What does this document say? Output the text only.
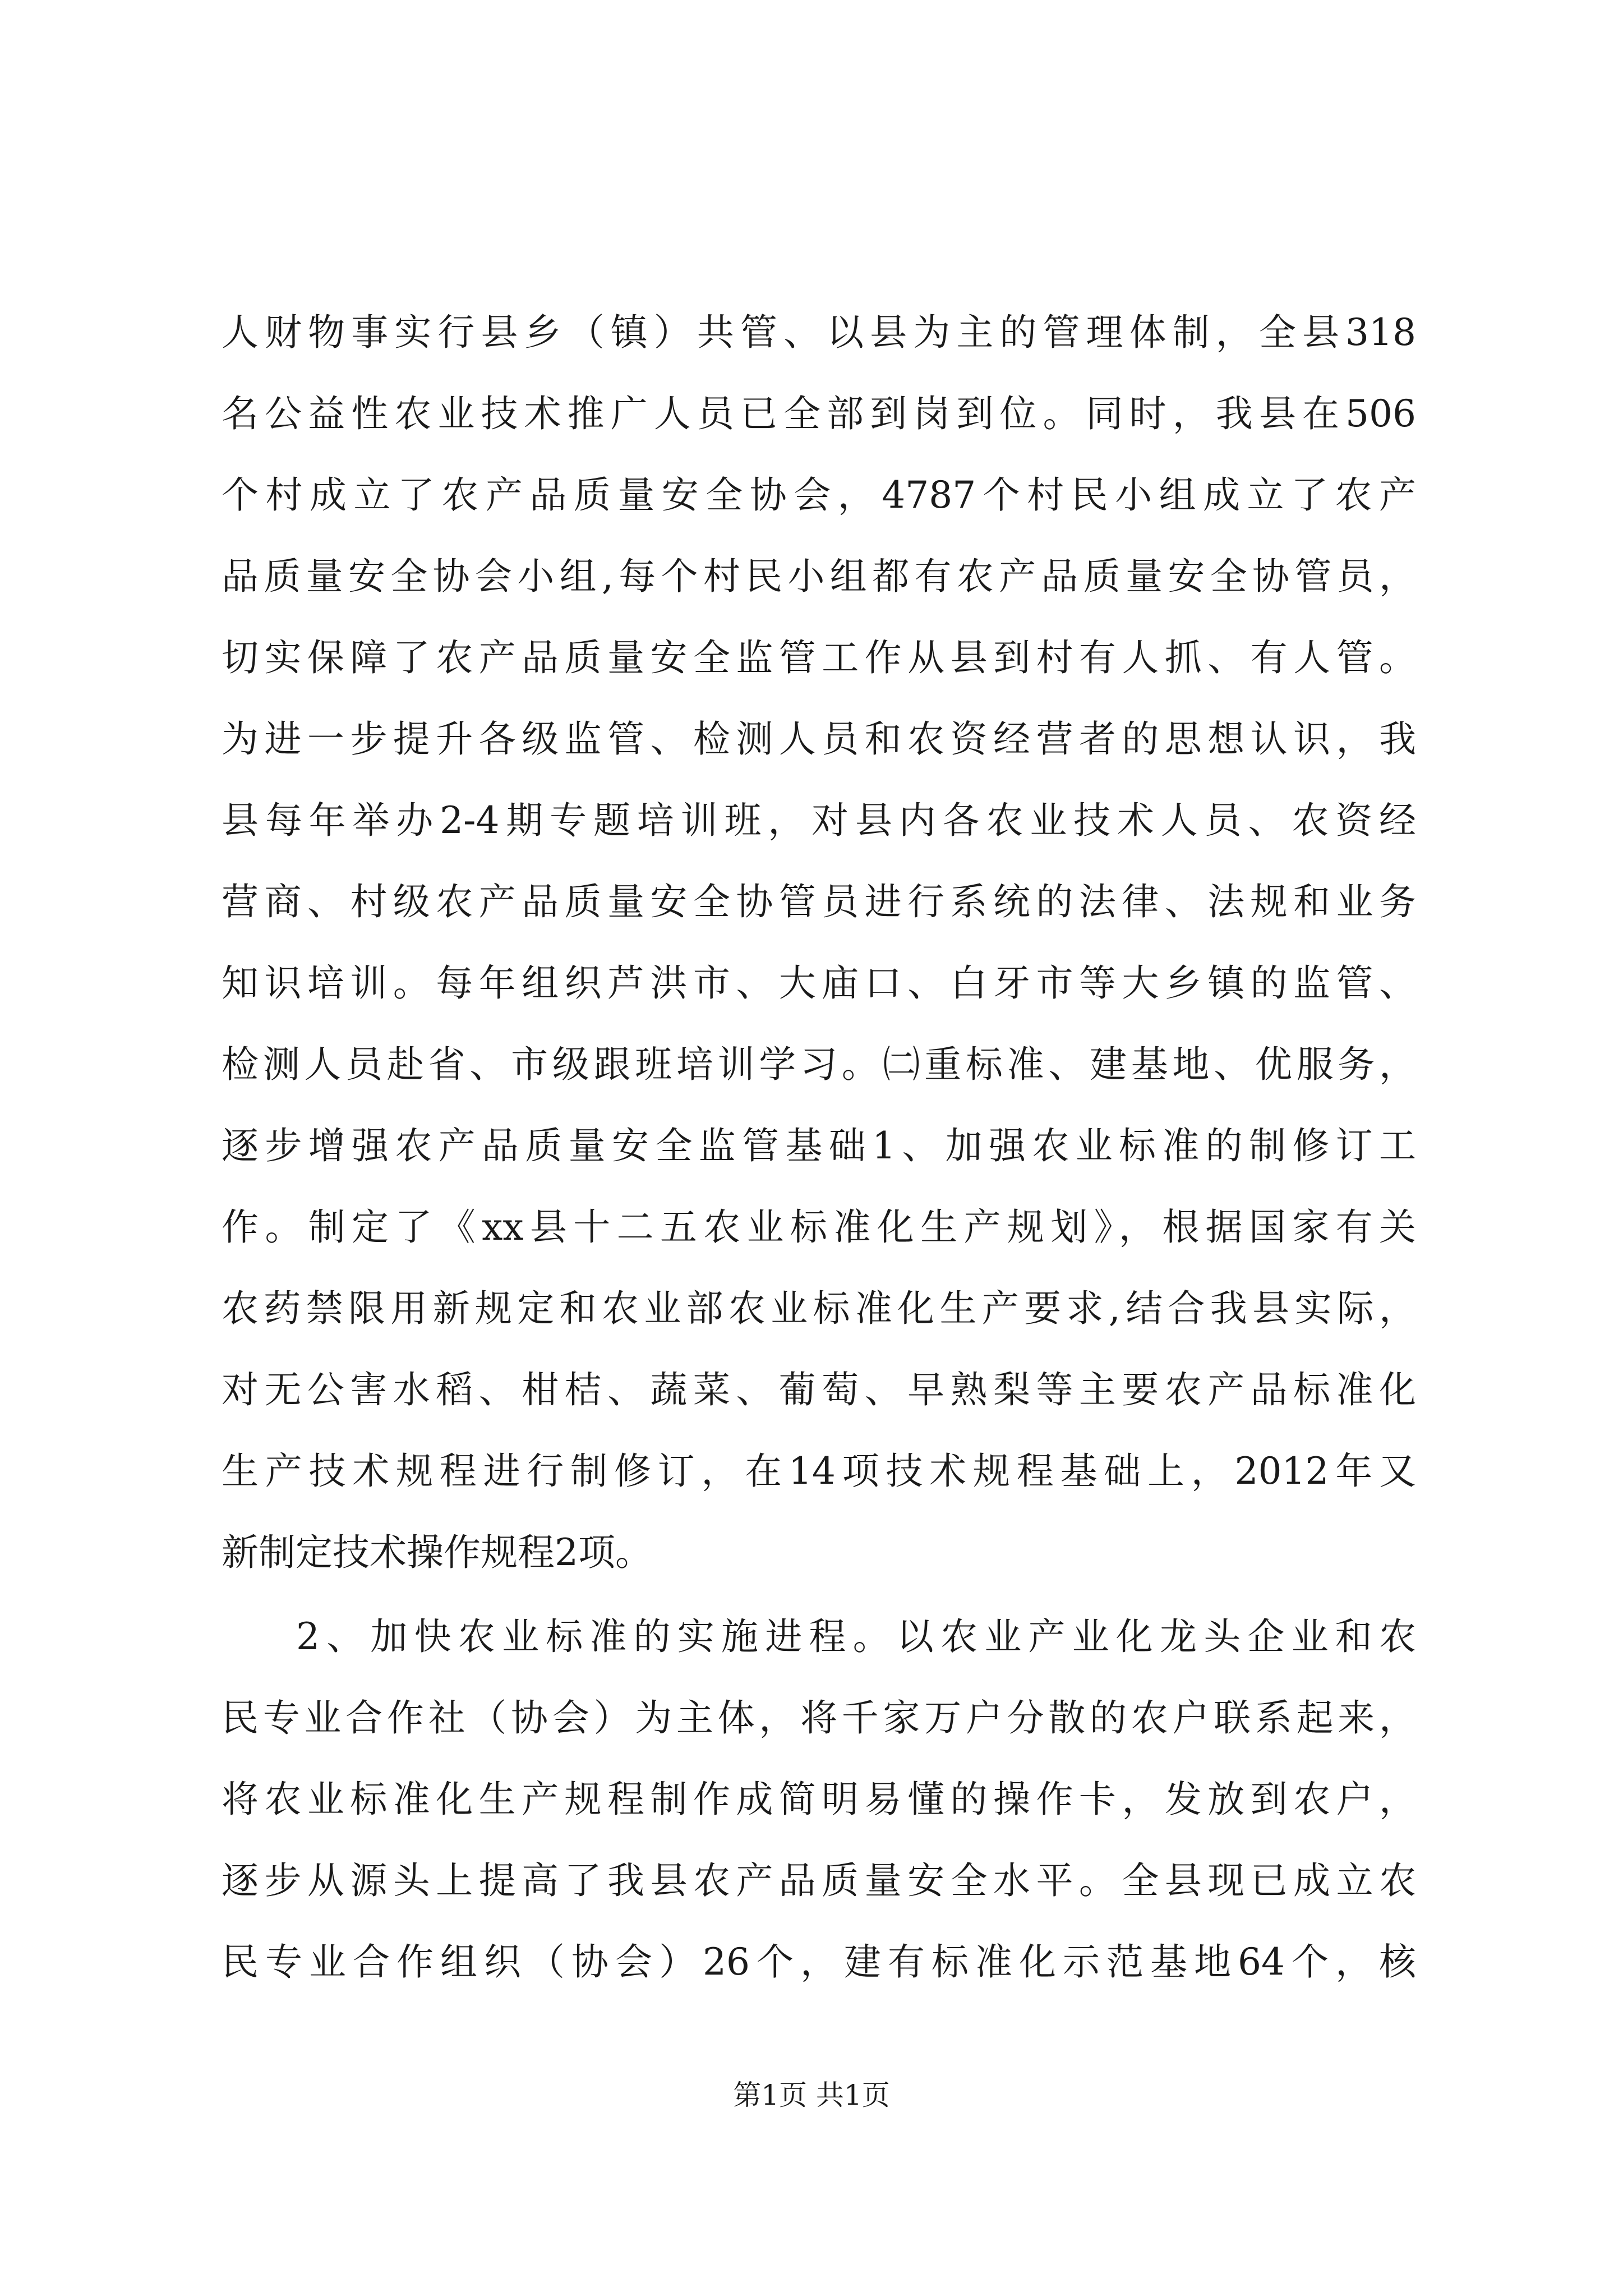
人财物事实行县乡（镇）共管、以县为主的管理体制，全县318
名公益性农业技术推广人员已全部到岗到位。同时，我县在506
个村成立了农产品质量安全协会，4787个村民小组成立了农产
品质量安全协会小组,每个村民小组都有农产品质量安全协管员，
切实保障了农产品质量安全监管工作从县到村有人抓、有人管。
为进一步提升各级监管、检测人员和农资经营者的思想认识，我
县每年举办2-4期专题培训班，对县内各农业技术人员、农资经
营商、村级农产品质量安全协管员进行系统的法律、法规和业务
知识培训。每年组织芦洪市、大庙口、白牙市等大乡镇的监管、
检测人员赴省、市级跟班培训学习。㈡重标准、建基地、优服务，
逐步增强农产品质量安全监管基础1、加强农业标准的制修订工
作。制定了《xx县十二五农业标准化生产规划》，根据国家有关
农药禁限用新规定和农业部农业标准化生产要求,结合我县实际，
对无公害水稻、柑桔、蔬菜、葡萄、早熟梨等主要农产品标准化
生产技术规程进行制修订，在14项技术规程基础上，2012年又
新制定技术操作规程2项。
2、加快农业标准的实施进程。以农业产业化龙头企业和农
民专业合作社（协会）为主体，将千家万户分散的农户联系起来，
将农业标准化生产规程制作成简明易懂的操作卡，发放到农户，
逐步从源头上提高了我县农产品质量安全水平。全县现已成立农
民专业合作组织（协会）26个，建有标准化示范基地64个，核
第1页 共1页
